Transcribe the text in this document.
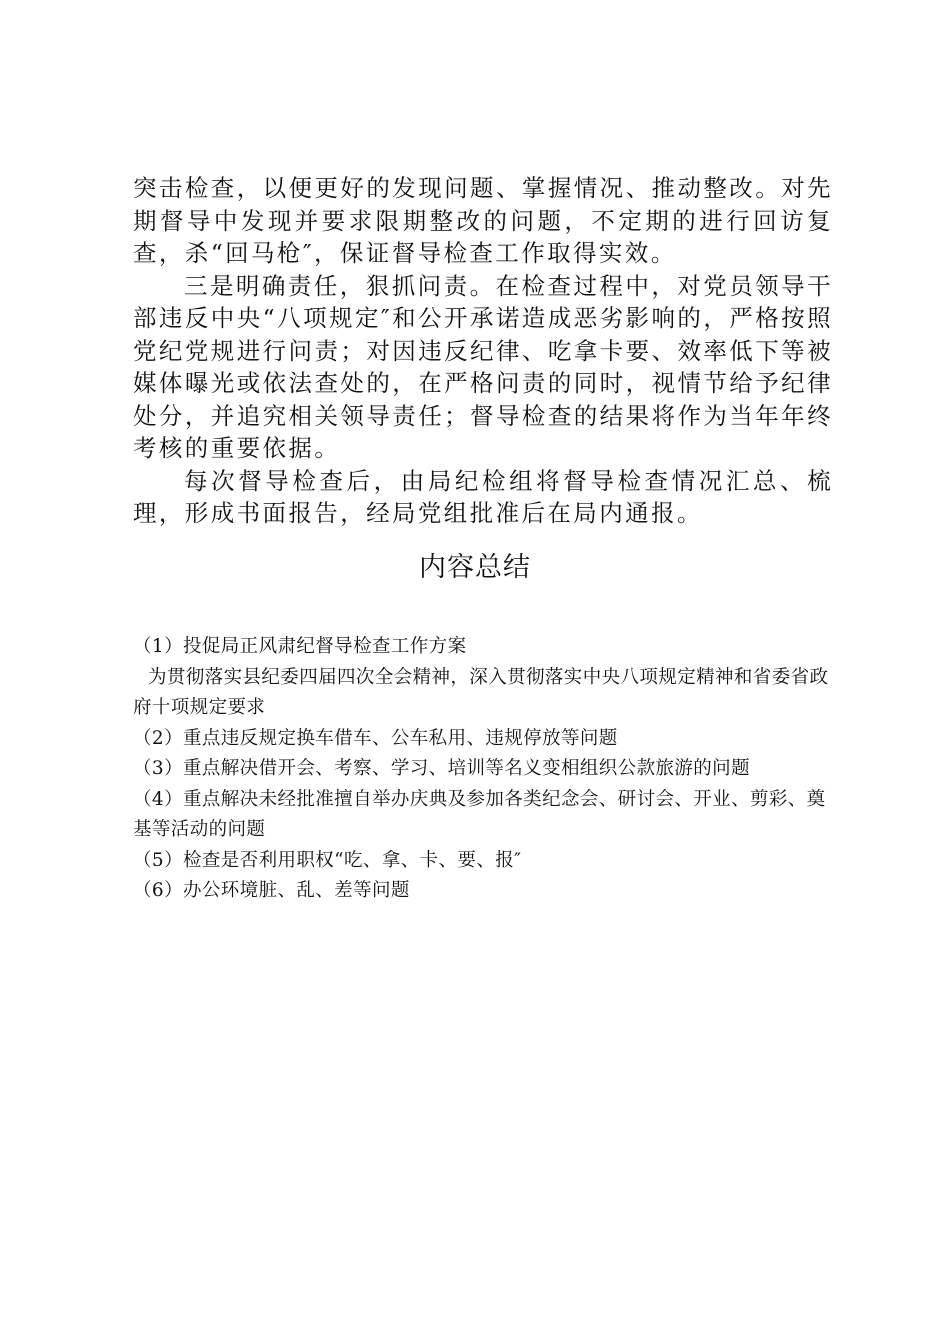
突击检查，以便更好的发现问题、掌握情况、推动整改。对先期督导中发现并要求限期整改的问题，不定期的进行回访复查，杀“回马枪″，保证督导检查工作取得实效。

三是明确责任，狠抓问责。在检查过程中，对党员领导干部违反中央“八项规定″和公开承诺造成恶劣影响的，严格按照党纪党规进行问责；对因违反纪律、吃拿卡要、效率低下等被媒体曝光或依法查处的，在严格问责的同时，视情节给予纪律处分，并追究相关领导责任；督导检查的结果将作为当年年终考核的重要依据。

每次督导检查后，由局纪检组将督导检查情况汇总、梳理，形成书面报告，经局党组批准后在局内通报。

内容总结

（1）投促局正风肃纪督导检查工作方案

为贯彻落实县纪委四届四次全会精神，深入贯彻落实中央八项规定精神和省委省政府十项规定要求

（2）重点违反规定换车借车、公车私用、违规停放等问题

（3）重点解决借开会、考察、学习、培训等名义变相组织公款旅游的问题

（4）重点解决未经批准擅自举办庆典及参加各类纪念会、研讨会、开业、剪彩、奠基等活动的问题

（5）检查是否利用职权“吃、拿、卡、要、报″

（6）办公环境脏、乱、差等问题
